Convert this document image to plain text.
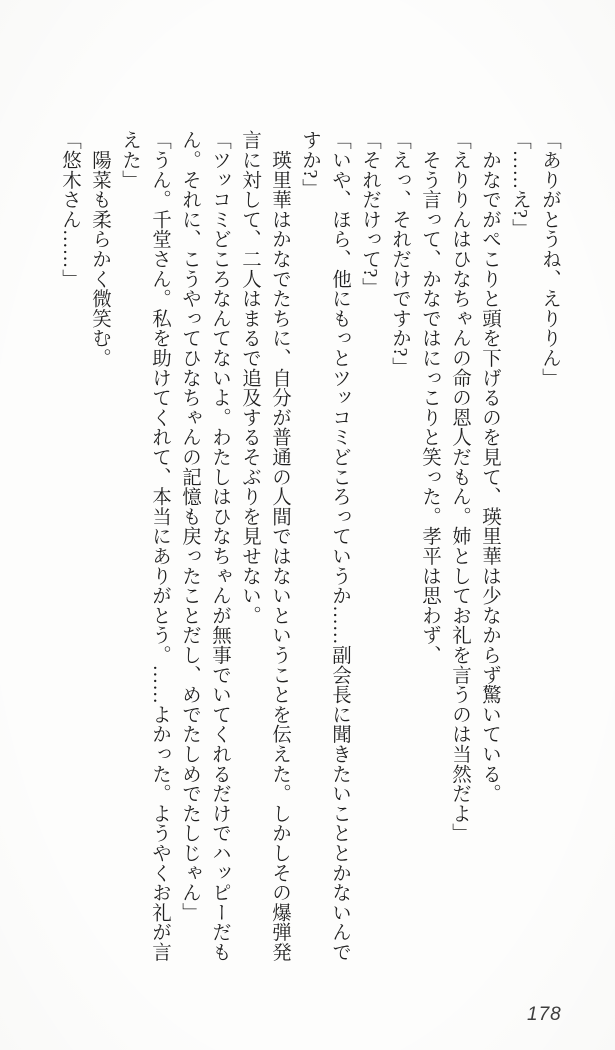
「ありがとうね、えりりん」
「……え?」
　かなでがぺこりと頭を下げるのを見て、瑛里華は少なからず驚いている。
「えりりんはひなちゃんの命の恩人だもん。姉としてお礼を言うのは当然だよ」
　そう言って、かなではにっこりと笑った。孝平は思わず、
「えっ、それだけですか?」
「それだけって?」
「いや、ほら、他にもっとツッコミどころっていうか……副会長に聞きたいこととかないんで
すか?」
　瑛里華はかなでたちに、自分が普通の人間ではないということを伝えた。しかしその爆弾発
言に対して、二人はまるで追及するそぶりを見せない。
「ツッコミどころなんてないよ。わたしはひなちゃんが無事でいてくれるだけでハッピーだも
ん。それに、こうやってひなちゃんの記憶も戻ったことだし、めでたしめでたしじゃん」
「うん。千堂さん。私を助けてくれて、本当にありがとう。……よかった。ようやくお礼が言
えた」
　陽菜も柔らかく微笑む。
「悠木さん……」
178
